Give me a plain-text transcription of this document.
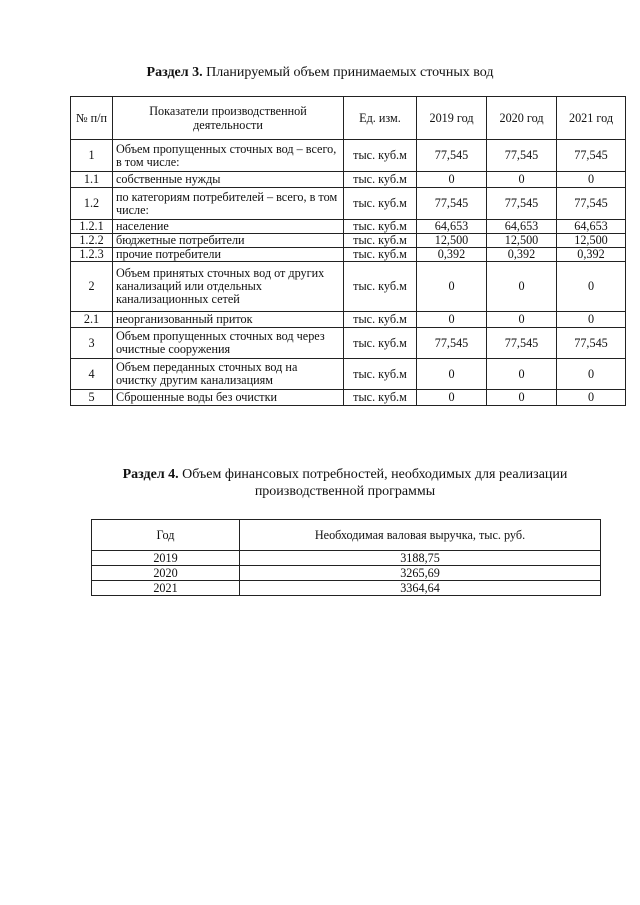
Раздел 3. Планируемый объем принимаемых сточных вод
№ п/п	Показатели производственной деятельности	Ед. изм.	2019 год	2020 год	2021 год
1	Объем пропущенных сточных вод – всего, в том числе:	тыс. куб.м	77,545	77,545	77,545
1.1	собственные нужды	тыс. куб.м	0	0	0
1.2	по категориям потребителей – всего, в том числе:	тыс. куб.м	77,545	77,545	77,545
1.2.1	население	тыс. куб.м	64,653	64,653	64,653
1.2.2	бюджетные потребители	тыс. куб.м	12,500	12,500	12,500
1.2.3	прочие потребители	тыс. куб.м	0,392	0,392	0,392
2	Объем принятых сточных вод от других канализаций или отдельных канализационных сетей	тыс. куб.м	0	0	0
2.1	неорганизованный приток	тыс. куб.м	0	0	0
3	Объем пропущенных сточных вод через очистные сооружения	тыс. куб.м	77,545	77,545	77,545
4	Объем переданных сточных вод на очистку другим канализациям	тыс. куб.м	0	0	0
5	Сброшенные воды без очистки	тыс. куб.м	0	0	0
Раздел 4. Объем финансовых потребностей, необходимых для реализации производственной программы
Год	Необходимая валовая выручка, тыс. руб.
2019	3188,75
2020	3265,69
2021	3364,64
